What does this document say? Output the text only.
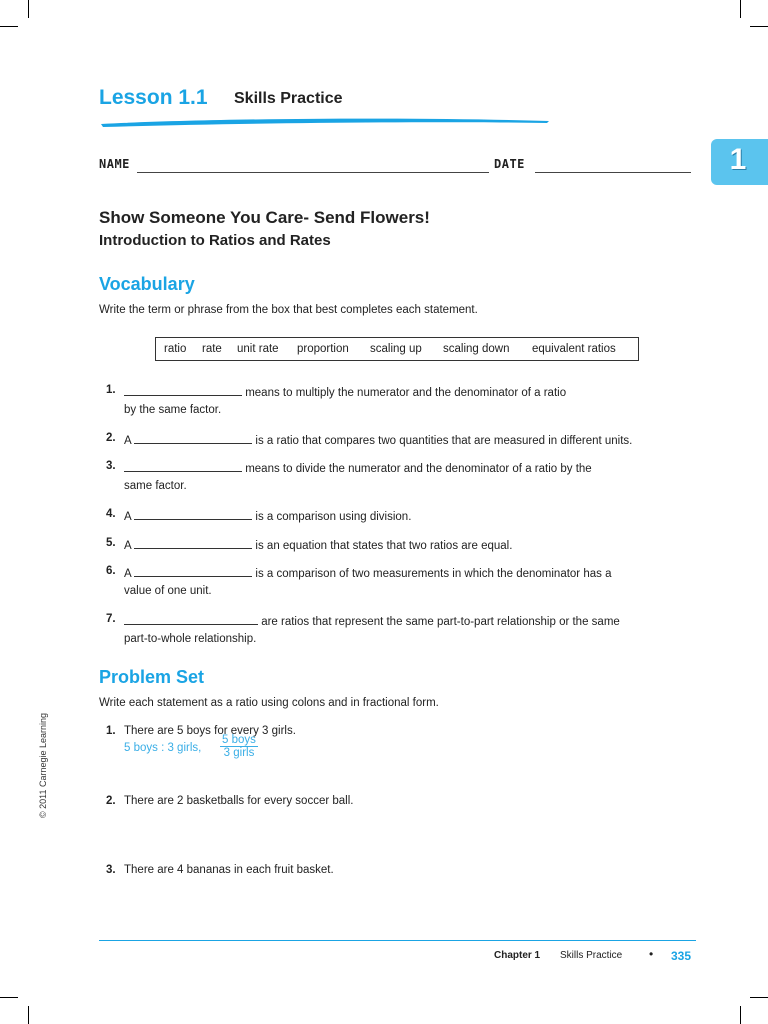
Lesson 1.1 Skills Practice
NAME	DATE	1
Show Someone You Care- Send Flowers!
Introduction to Ratios and Rates
Vocabulary
Write the term or phrase from the box that best completes each statement.
ratio rate unit rate proportion scaling up scaling down equivalent ratios
1.	means to multiply the numerator and the denominator of a ratio
by the same factor.
2. A	is a ratio that compares two quantities that are measured in different units.
3.	means to divide the numerator and the denominator of a ratio by the
same factor.
4. A	is a comparison using division.
5. A	is an equation that states that two ratios are equal.
6. A	is a comparison of two measurements in which the denominator has a
value of one unit.
7.	are ratios that represent the same part-to-part relationship or the same
part-to-whole relationship.
Problem Set
Write each statement as a ratio using colons and in fractional form.
1. There are 5 boys for every 3 girls.
5 boys : 3 girls,
5 boys
3 girls
2. There are 2 basketballs for every soccer ball.
3. There are 4 bananas in each fruit basket.
© 2011 Carnegie Learning
Chapter 1 Skills Practice • 335
